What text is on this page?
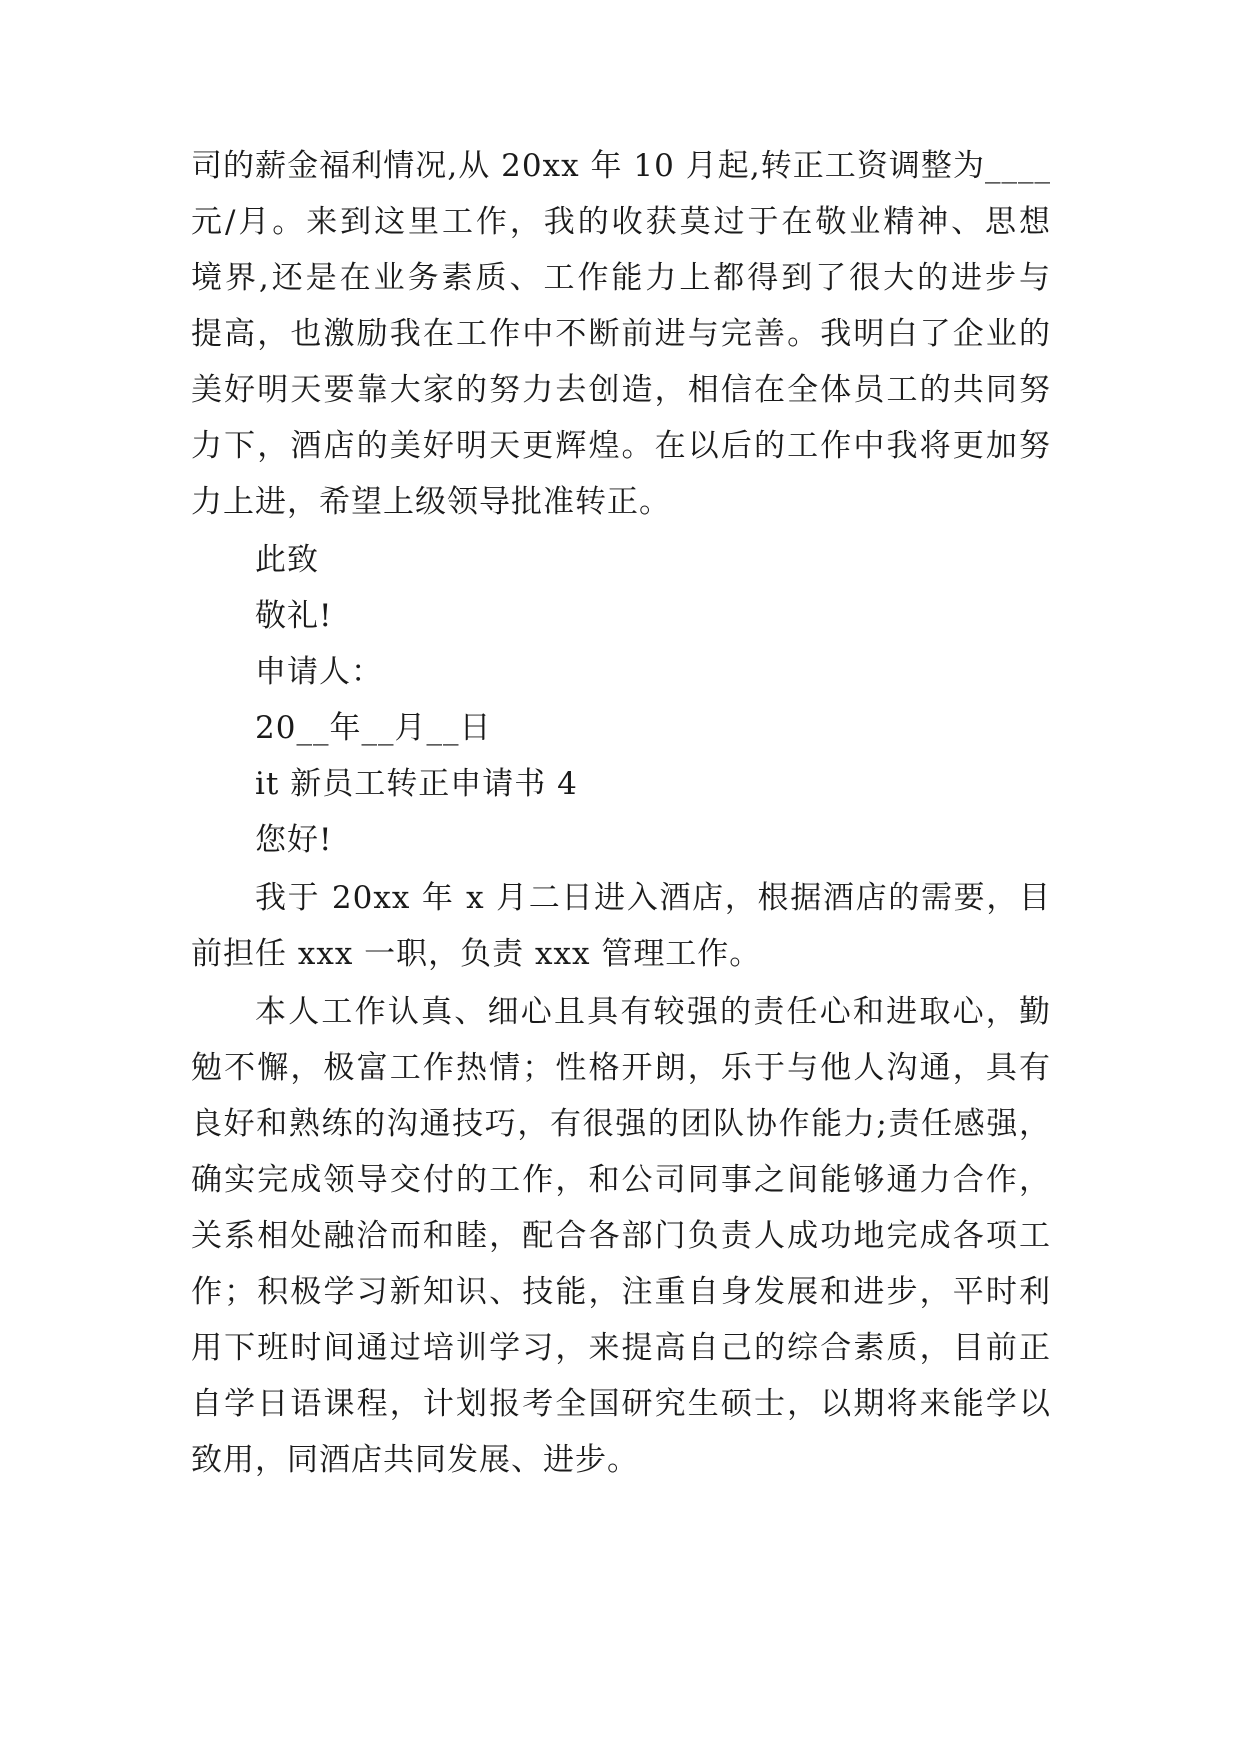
司的薪金福利情况,从 20xx 年 10 月起,转正工资调整为____
元/月。来到这里工作，我的收获莫过于在敬业精神、思想
境界,还是在业务素质、工作能力上都得到了很大的进步与
提高，也激励我在工作中不断前进与完善。我明白了企业的
美好明天要靠大家的努力去创造，相信在全体员工的共同努
力下，酒店的美好明天更辉煌。在以后的工作中我将更加努
力上进，希望上级领导批准转正。
此致
敬礼!
申请人：
20__年__月__日
it 新员工转正申请书 4
您好!
我于 20xx 年 x 月二日进入酒店，根据酒店的需要，目
前担任 xxx 一职，负责 xxx 管理工作。
本人工作认真、细心且具有较强的责任心和进取心，勤
勉不懈，极富工作热情；性格开朗，乐于与他人沟通，具有
良好和熟练的沟通技巧，有很强的团队协作能力;责任感强，
确实完成领导交付的工作，和公司同事之间能够通力合作，
关系相处融洽而和睦，配合各部门负责人成功地完成各项工
作；积极学习新知识、技能，注重自身发展和进步，平时利
用下班时间通过培训学习，来提高自己的综合素质，目前正
自学日语课程，计划报考全国研究生硕士，以期将来能学以
致用，同酒店共同发展、进步。
